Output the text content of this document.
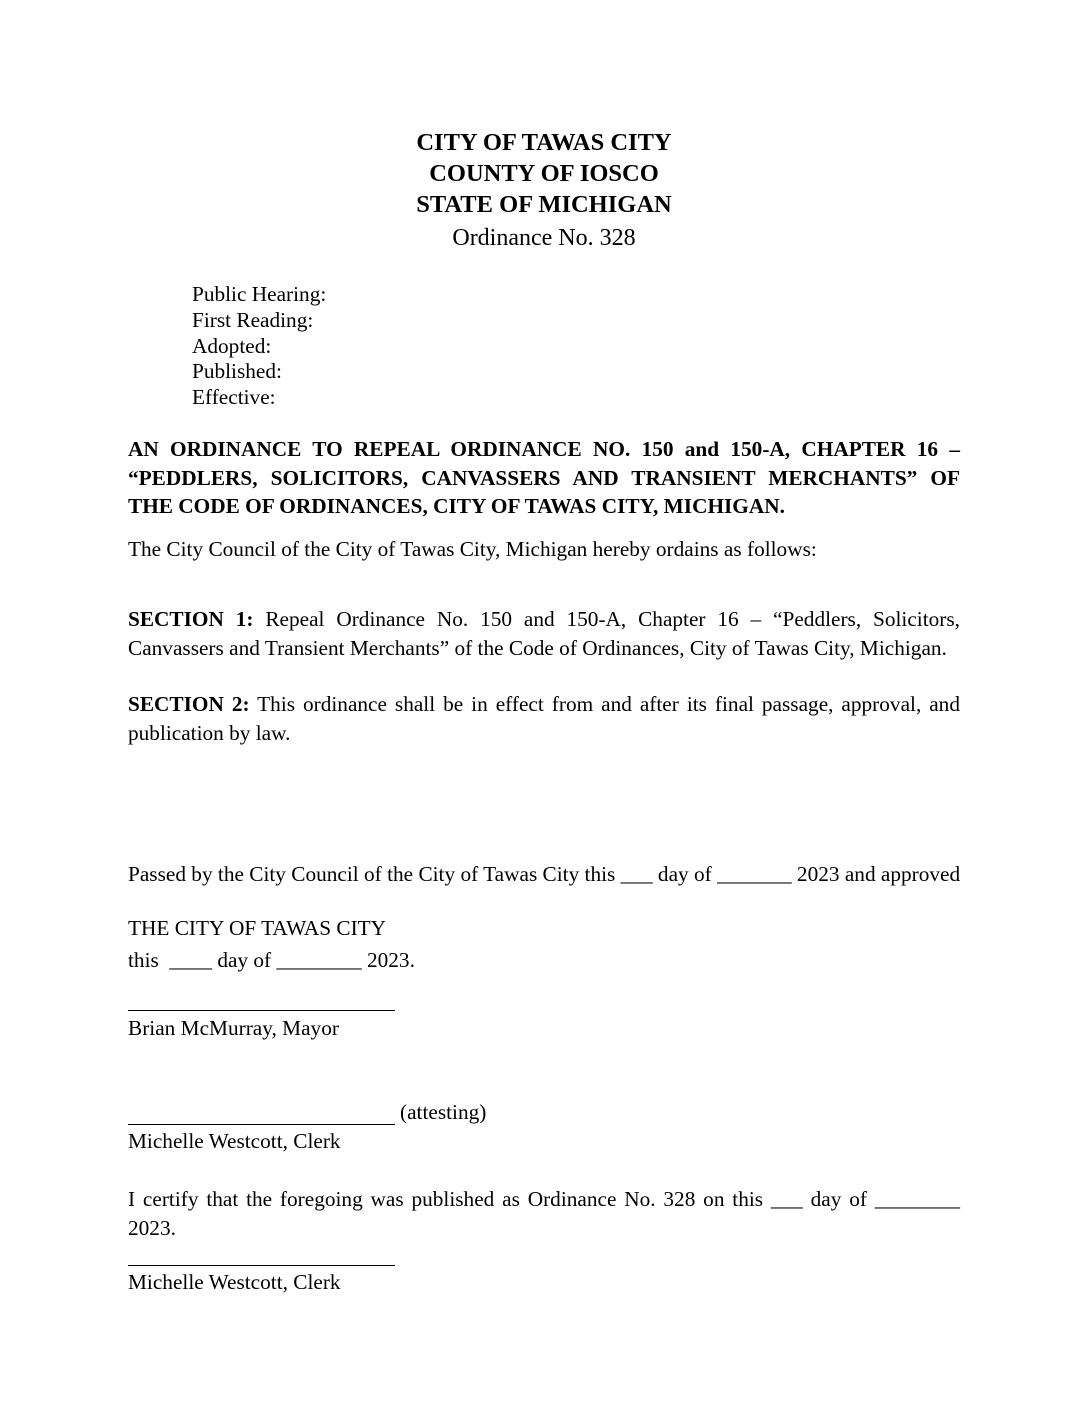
CITY OF TAWAS CITY
COUNTY OF IOSCO
STATE OF MICHIGAN
Ordinance No. 328
Public Hearing:
First Reading:
Adopted:
Published:
Effective:
AN ORDINANCE TO REPEAL ORDINANCE NO. 150 and 150-A, CHAPTER 16 – “PEDDLERS, SOLICITORS, CANVASSERS AND TRANSIENT MERCHANTS” OF THE CODE OF ORDINANCES, CITY OF TAWAS CITY, MICHIGAN.
The City Council of the City of Tawas City, Michigan hereby ordains as follows:
SECTION 1: Repeal Ordinance No. 150 and 150-A, Chapter 16 – “Peddlers, Solicitors, Canvassers and Transient Merchants” of the Code of Ordinances, City of Tawas City, Michigan.
SECTION 2: This ordinance shall be in effect from and after its final passage, approval, and publication by law.

Passed by the City Council of the City of Tawas City this ___ day of _______ 2023 and approved

this  ____ day of ________ 2023.

THE CITY OF TAWAS CITY
Brian McMurray, Mayor
(attesting)
Michelle Westcott, Clerk
I certify that the foregoing was published as Ordinance No. 328 on this ___ day of ________ 2023.
Michelle Westcott, Clerk
